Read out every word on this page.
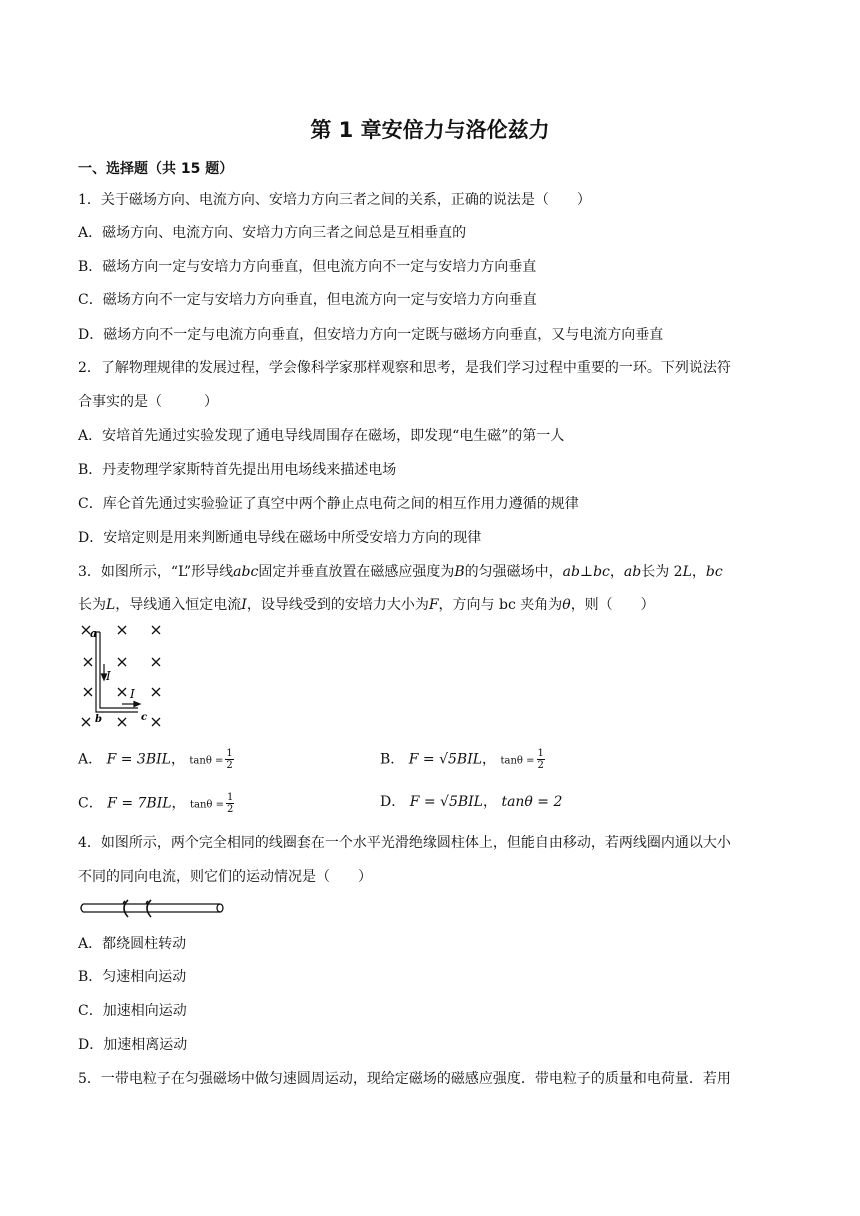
第 1 章安倍力与洛伦兹力
一、选择题（共 15 题）
1．关于磁场方向、电流方向、安培力方向三者之间的关系，正确的说法是（　　）
A．磁场方向、电流方向、安培力方向三者之间总是互相垂直的
B．磁场方向一定与安培力方向垂直，但电流方向不一定与安培力方向垂直
C．磁场方向不一定与安培力方向垂直，但电流方向一定与安培力方向垂直
D．磁场方向不一定与电流方向垂直，但安培力方向一定既与磁场方向垂直，又与电流方向垂直
2．了解物理规律的发展过程，学会像科学家那样观察和思考，是我们学习过程中重要的一环。下列说法符
合事实的是（　　　）
A．安培首先通过实验发现了通电导线周围存在磁场，即发现“电生磁”的第一人
B．丹麦物理学家斯特首先提出用电场线来描述电场
C．库仑首先通过实验验证了真空中两个静止点电荷之间的相互作用力遵循的规律
D．安培定则是用来判断通电导线在磁场中所受安培力方向的现律
3．如图所示，“L”形导线abc固定并垂直放置在磁感应强度为B的匀强磁场中，ab⊥bc，ab长为 2L，bc
长为L，导线通入恒定电流I，设导线受到的安培力大小为F，方向与 bc 夹角为θ，则（　　）
a
I
I
b	c
A． F = 3BIL， $\tan\theta = \frac{1}{2}$	B． F = √5BIL， $\tan\theta = \frac{1}{2}$
C． F = 7BIL， $\tan\theta = \frac{1}{2}$	D． F = √5BIL， tanθ = 2
4．如图所示，两个完全相同的线圈套在一个水平光滑绝缘圆柱体上，但能自由移动，若两线圈内通以大小
不同的同向电流，则它们的运动情况是（　　）
A．都绕圆柱转动
B．匀速相向运动
C．加速相向运动
D．加速相离运动
5．一带电粒子在匀强磁场中做匀速圆周运动，现给定磁场的磁感应强度．带电粒子的质量和电荷量．若用
